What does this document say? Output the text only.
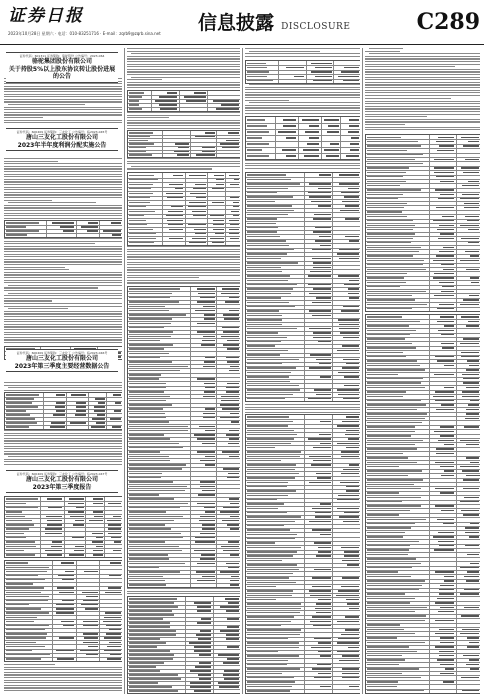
证券日报
2023年10月28日 星期六 · 电话：010-83251716 · E-mail：zqrb9@zqrb.sina.net	信息披露 DISCLOSURE	C289
证券代码：601311 证券简称：骆驼股份 公告编号：2023-064
骆驼集团股份有限公司
关于持股5%以上股东协议转让股份进展的公告
证券代码：600409 证券简称：三友化工 公告编号：临2023-045号
唐山三友化工股份有限公司
2023年半年度利润分配实施公告
证券代码：600409 证券简称：三友化工 公告编号：临2023-046号
唐山三友化工股份有限公司
2023年第三季度主要经营数据公告
证券代码：600409 证券简称：三友化工 公告编号：临2023-047号
唐山三友化工股份有限公司
2023年第三季度报告
